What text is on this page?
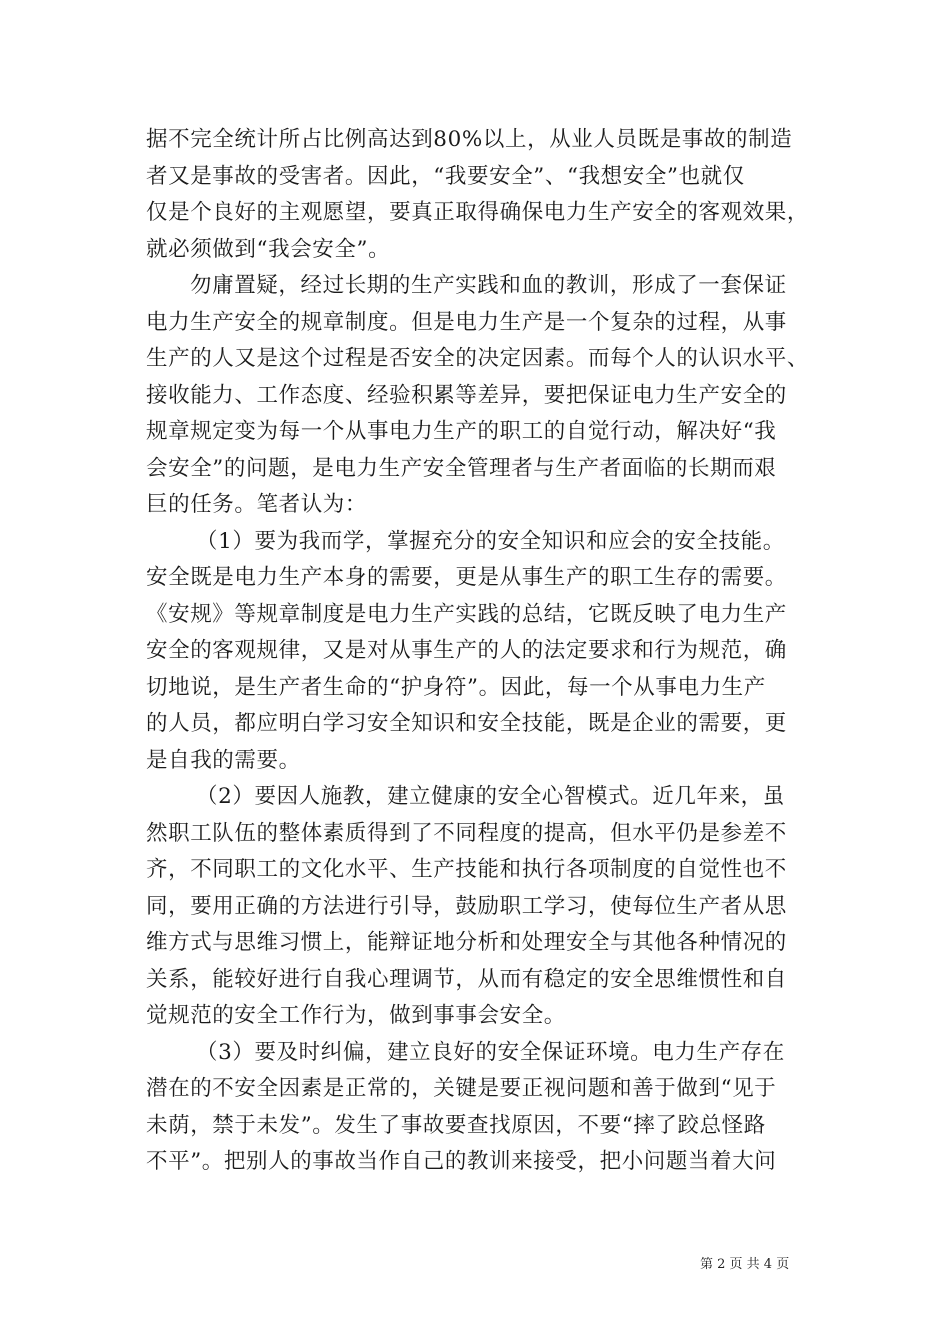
据不完全统计所占比例高达到80%以上，从业人员既是事故的制造
者又是事故的受害者。因此，“我要安全”、“我想安全”也就仅
仅是个良好的主观愿望，要真正取得确保电力生产安全的客观效果，
就必须做到“我会安全”。
勿庸置疑，经过长期的生产实践和血的教训，形成了一套保证
电力生产安全的规章制度。但是电力生产是一个复杂的过程，从事
生产的人又是这个过程是否安全的决定因素。而每个人的认识水平、
接收能力、工作态度、经验积累等差异，要把保证电力生产安全的
规章规定变为每一个从事电力生产的职工的自觉行动，解决好“我
会安全”的问题，是电力生产安全管理者与生产者面临的长期而艰
巨的任务。笔者认为：
（1）要为我而学，掌握充分的安全知识和应会的安全技能。
安全既是电力生产本身的需要，更是从事生产的职工生存的需要。
《安规》等规章制度是电力生产实践的总结，它既反映了电力生产
安全的客观规律，又是对从事生产的人的法定要求和行为规范，确
切地说，是生产者生命的“护身符”。因此，每一个从事电力生产
的人员，都应明白学习安全知识和安全技能，既是企业的需要，更
是自我的需要。
（2）要因人施教，建立健康的安全心智模式。近几年来，虽
然职工队伍的整体素质得到了不同程度的提高，但水平仍是参差不
齐，不同职工的文化水平、生产技能和执行各项制度的自觉性也不
同，要用正确的方法进行引导，鼓励职工学习，使每位生产者从思
维方式与思维习惯上，能辩证地分析和处理安全与其他各种情况的
关系，能较好进行自我心理调节，从而有稳定的安全思维惯性和自
觉规范的安全工作行为，做到事事会安全。
（3）要及时纠偏，建立良好的安全保证环境。电力生产存在
潜在的不安全因素是正常的，关键是要正视问题和善于做到“见于
未荫，禁于未发”。发生了事故要查找原因，不要“摔了跤总怪路
不平”。把别人的事故当作自己的教训来接受，把小问题当着大问
第 2 页 共 4 页
